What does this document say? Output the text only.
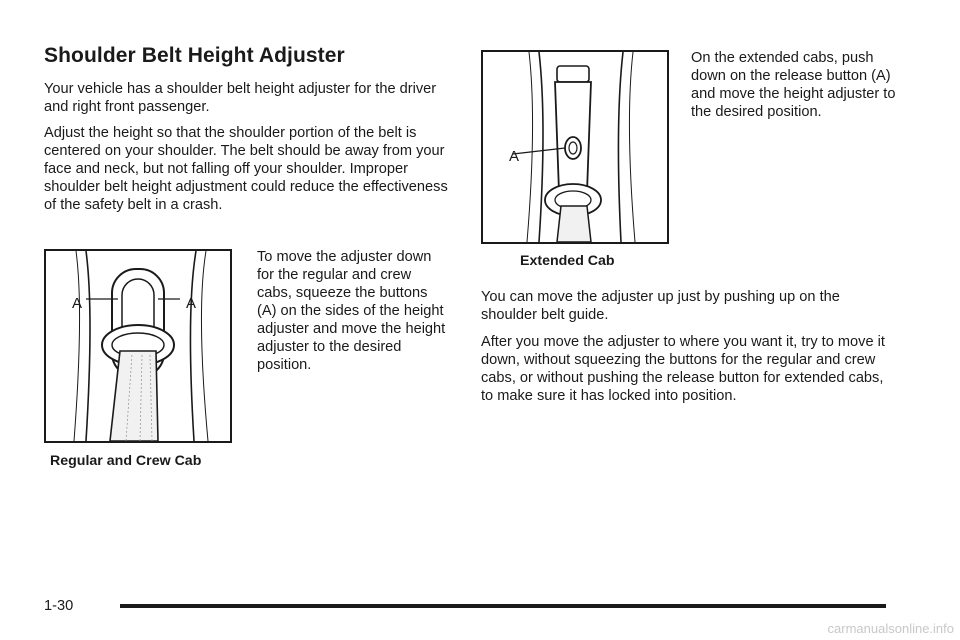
Shoulder Belt Height Adjuster

Your vehicle has a shoulder belt height adjuster for the driver and right front passenger.

Adjust the height so that the shoulder portion of the belt is centered on your shoulder. The belt should be away from your face and neck, but not falling off your shoulder. Improper shoulder belt height adjustment could reduce the effectiveness of the safety belt in a crash.

To move the adjuster down for the regular and crew cabs, squeeze the buttons (A) on the sides of the height adjuster and move the height adjuster to the desired position.

A	A
Regular and Crew Cab
A
Extended Cab

On the extended cabs, push down on the release button (A) and move the height adjuster to the desired position.

You can move the adjuster up just by pushing up on the shoulder belt guide.

After you move the adjuster to where you want it, try to move it down, without squeezing the buttons for the regular and crew cabs, or without pushing the release button for extended cabs, to make sure it has locked into position.

1-30
carmanualsonline.info
